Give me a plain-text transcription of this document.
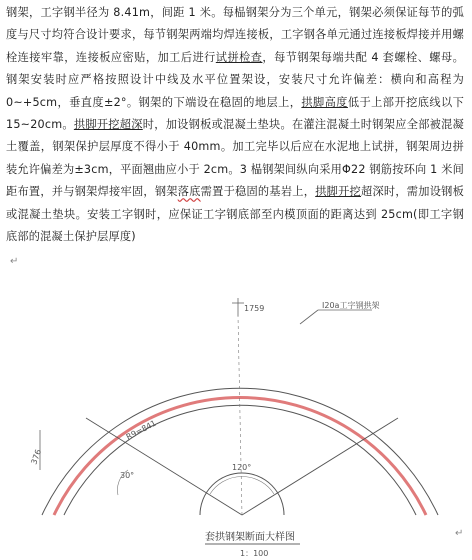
钢架，工字钢半径为 8.41m，间距 1 米。每榀钢架分为三个单元，钢架必须保证每节的弧度与尺寸均符合设计要求，每节钢架两端均焊连接板，工字钢各单元通过连接板焊接并用螺栓连接牢靠，连接板应密贴，加工后进行试拼检查，每节钢架每端共配 4 套螺栓、螺母。钢架安装时应严格按照设计中线及水平位置架设，安装尺寸允许偏差：横向和高程为 0~+5cm，垂直度±2°。钢架的下端设在稳固的地层上，拱脚高度低于上部开挖底线以下 15~20cm。拱脚开挖超深时，加设钢板或混凝土垫块。在灌注混凝土时钢架应全部被混凝土覆盖，钢架保护层厚度不得小于 40mm。加工完毕以后应在水泥地上试拼，钢架周边拼装允许偏差为±3cm，平面翘曲应小于 2cm。3 榀钢架间纵向采用Φ22 钢筋按环向 1 米间距布置，并与钢架焊接牢固，钢架落底需置于稳固的基岩上，拱脚开挖超深时，需加设钢板或混凝土垫块。安装工字钢时，应保证工字钢底部至内模顶面的距离达到 25cm(即工字钢底部的混凝土保护层厚度)

↵
1759	I20a工字钢拱架
R9=841
376
120°
30°
套拱钢架断面大样图
1：100
↵
